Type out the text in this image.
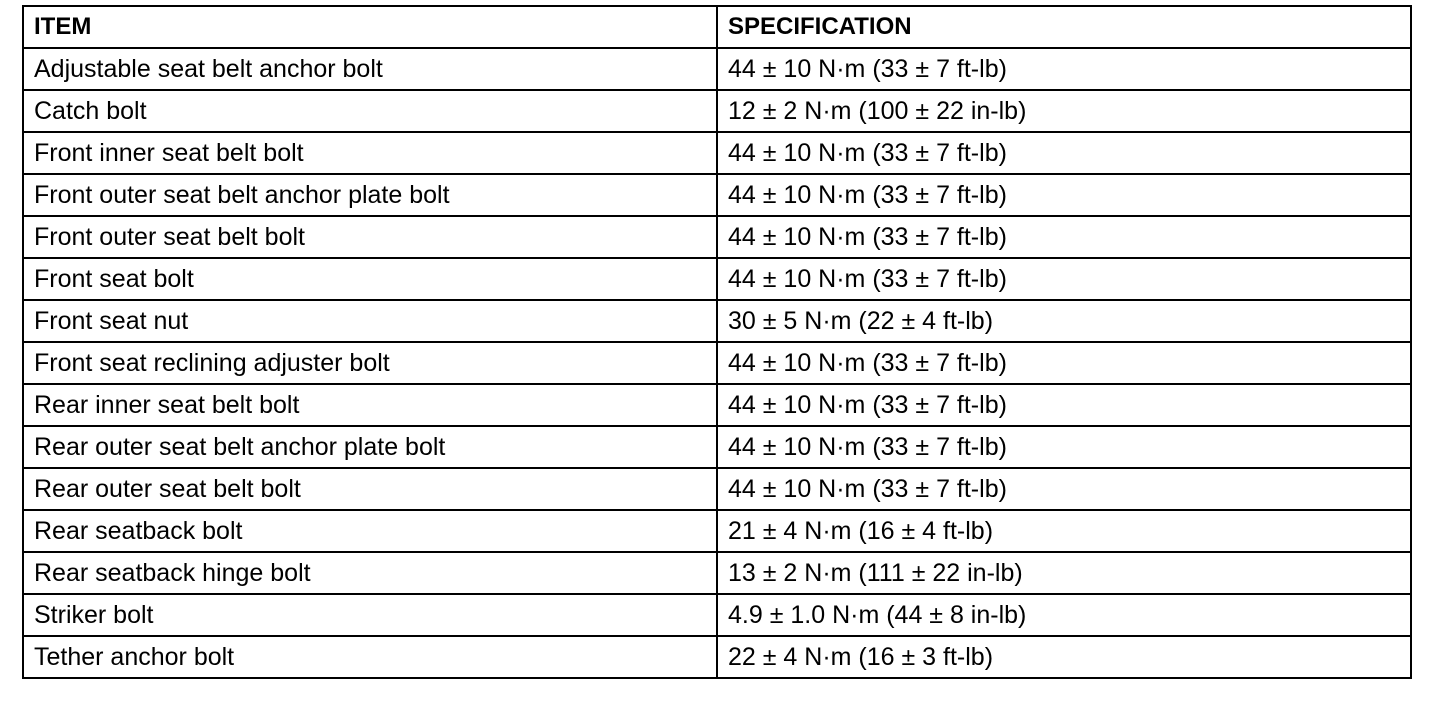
ITEM	SPECIFICATION
Adjustable seat belt anchor bolt	44 ± 10 N·m (33 ± 7 ft-lb)
Catch bolt	12 ± 2 N·m (100 ± 22 in-lb)
Front inner seat belt bolt	44 ± 10 N·m (33 ± 7 ft-lb)
Front outer seat belt anchor plate bolt	44 ± 10 N·m (33 ± 7 ft-lb)
Front outer seat belt bolt	44 ± 10 N·m (33 ± 7 ft-lb)
Front seat bolt	44 ± 10 N·m (33 ± 7 ft-lb)
Front seat nut	30 ± 5 N·m (22 ± 4 ft-lb)
Front seat reclining adjuster bolt	44 ± 10 N·m (33 ± 7 ft-lb)
Rear inner seat belt bolt	44 ± 10 N·m (33 ± 7 ft-lb)
Rear outer seat belt anchor plate bolt	44 ± 10 N·m (33 ± 7 ft-lb)
Rear outer seat belt bolt	44 ± 10 N·m (33 ± 7 ft-lb)
Rear seatback bolt	21 ± 4 N·m (16 ± 4 ft-lb)
Rear seatback hinge bolt	13 ± 2 N·m (111 ± 22 in-lb)
Striker bolt	4.9 ± 1.0 N·m (44 ± 8 in-lb)
Tether anchor bolt	22 ± 4 N·m (16 ± 3 ft-lb)
